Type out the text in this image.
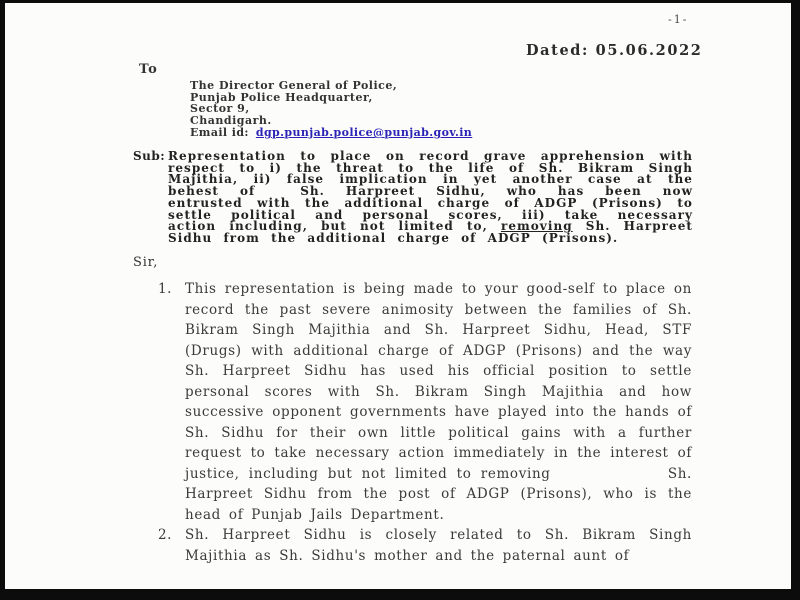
-1-
Dated: 05.06.2022
To
The Director General of Police,
Punjab Police Headquarter,
Sector 9,
Chandigarh.
Email id: dgp.punjab.police@punjab.gov.in
Sub: Representation to place on record grave apprehension with respect to i) the threat to the life of Sh. Bikram Singh Majithia, ii) false implication in yet another case at the behest of	Sh. Harpreet Sidhu, who has been now entrusted with the additional charge of ADGP (Prisons) to settle political and personal scores, iii) take necessary action including, but not limited to, removing Sh. Harpreet Sidhu from the additional charge of ADGP (Prisons).
Sir,
1. This representation is being made to your good-self to place on record the past severe animosity between the families of Sh. Bikram Singh Majithia and Sh. Harpreet Sidhu, Head, STF (Drugs) with additional charge of ADGP (Prisons) and the way Sh. Harpreet Sidhu has used his official position to settle personal scores with Sh. Bikram Singh Majithia and how successive opponent governments have played into the hands of Sh. Sidhu for their own little political gains with a further request to take necessary action immediately in the interest of justice, including but not limited to removing	Sh. Harpreet Sidhu from the post of ADGP (Prisons), who is the head of Punjab Jails Department.
2. Sh. Harpreet Sidhu is closely related to Sh. Bikram Singh Majithia as Sh. Sidhu's mother and the paternal aunt of
